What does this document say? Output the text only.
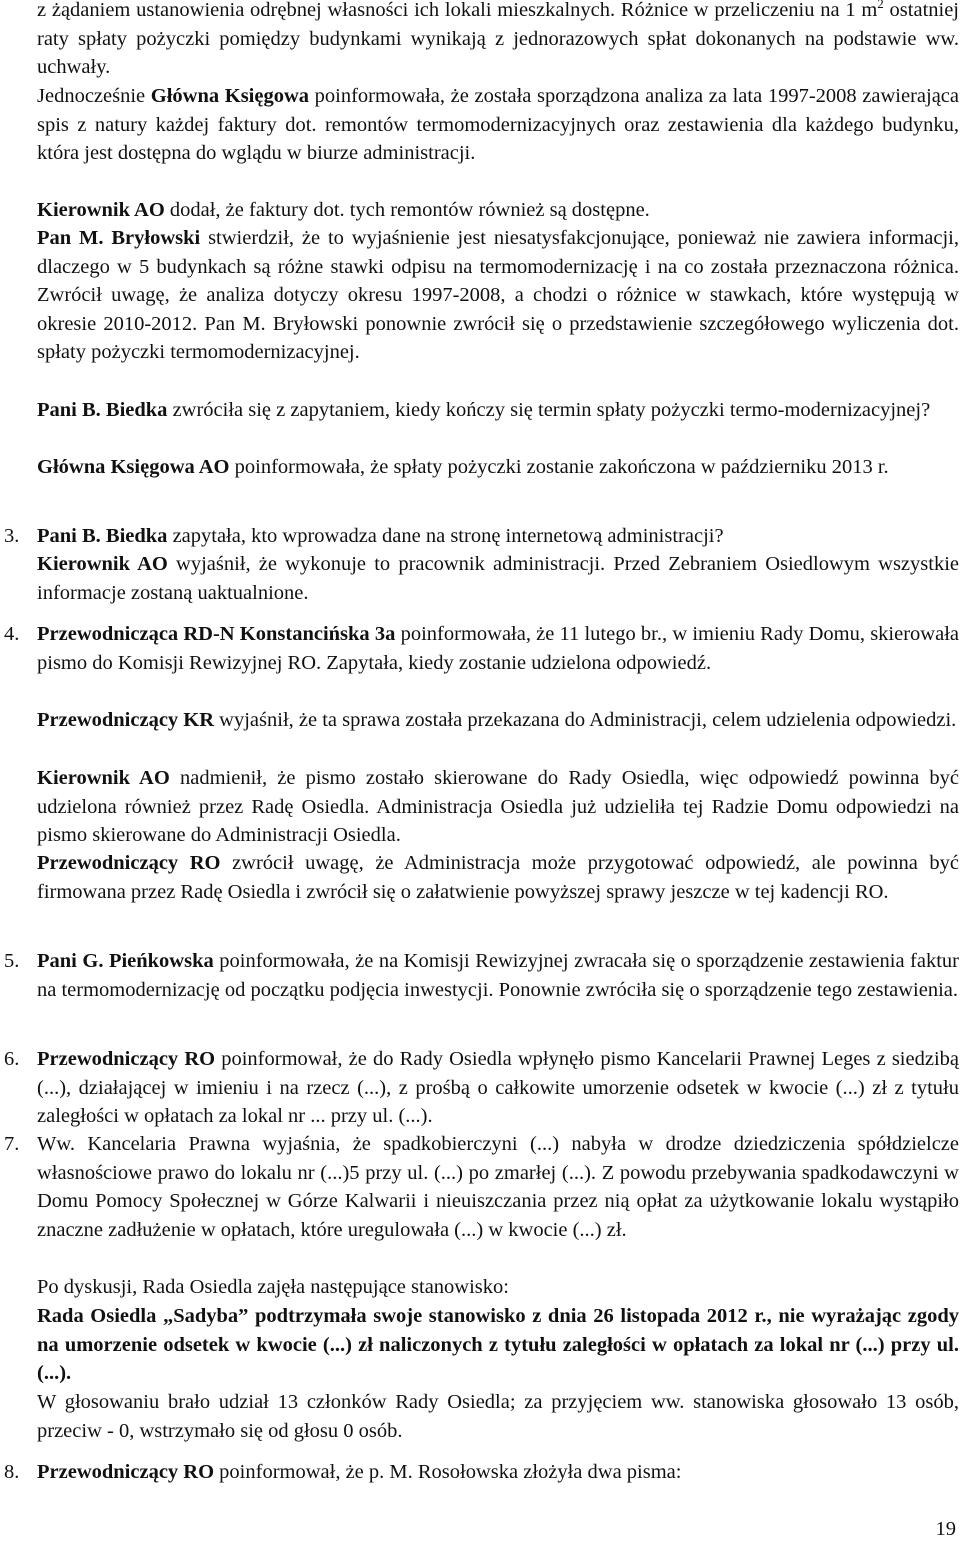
z żądaniem ustanowienia odrębnej własności ich lokali mieszkalnych. Różnice w przeliczeniu na 1 $m^2$ ostatniej raty spłaty pożyczki pomiędzy budynkami wynikają z jednorazowych spłat dokonanych na podstawie ww. uchwały.

Jednocześnie Główna Księgowa poinformowała, że została sporządzona analiza za lata 1997-2008 zawierająca spis z natury każdej faktury dot. remontów termomodernizacyjnych oraz zestawienia dla każdego budynku, która jest dostępna do wglądu w biurze administracji.

Kierownik AO dodał, że faktury dot. tych remontów również są dostępne.

Pan M. Bryłowski stwierdził, że to wyjaśnienie jest niesatysfakcjonujące, ponieważ nie zawiera informacji, dlaczego w 5 budynkach są różne stawki odpisu na termomodernizację i na co została przeznaczona różnica. Zwrócił uwagę, że analiza dotyczy okresu 1997-2008, a chodzi o różnice w stawkach, które występują w okresie 2010-2012. Pan M. Bryłowski ponownie zwrócił się o przedstawienie szczegółowego wyliczenia dot. spłaty pożyczki termomodernizacyjnej.

Pani B. Biedka zwróciła się z zapytaniem, kiedy kończy się termin spłaty pożyczki termo-modernizacyjnej?

Główna Księgowa AO poinformowała, że spłaty pożyczki zostanie zakończona w październiku 2013 r.

3. Pani B. Biedka zapytała, kto wprowadza dane na stronę internetową administracji?

Kierownik AO wyjaśnił, że wykonuje to pracownik administracji. Przed Zebraniem Osiedlowym wszystkie informacje zostaną uaktualnione.

4. Przewodnicząca RD-N Konstancińska 3a poinformowała, że 11 lutego br., w imieniu Rady Domu, skierowała pismo do Komisji Rewizyjnej RO. Zapytała, kiedy zostanie udzielona odpowiedź.

Przewodniczący KR wyjaśnił, że ta sprawa została przekazana do Administracji, celem udzielenia odpowiedzi.

Kierownik AO nadmienił, że pismo zostało skierowane do Rady Osiedla, więc odpowiedź powinna być udzielona również przez Radę Osiedla. Administracja Osiedla już udzieliła tej Radzie Domu odpowiedzi na pismo skierowane do Administracji Osiedla.

Przewodniczący RO zwrócił uwagę, że Administracja może przygotować odpowiedź, ale powinna być firmowana przez Radę Osiedla i zwrócił się o załatwienie powyższej sprawy jeszcze w tej kadencji RO.

5. Pani G. Pieńkowska poinformowała, że na Komisji Rewizyjnej zwracała się o sporządzenie zestawienia faktur na termomodernizację od początku podjęcia inwestycji. Ponownie zwróciła się o sporządzenie tego zestawienia.

6. Przewodniczący RO poinformował, że do Rady Osiedla wpłynęło pismo Kancelarii Prawnej Leges z siedzibą (...), działającej w imieniu i na rzecz (...), z prośbą o całkowite umorzenie odsetek w kwocie (...) zł z tytułu zaległości w opłatach za lokal nr ... przy ul. (...).

7. Ww. Kancelaria Prawna wyjaśnia, że spadkobierczyni (...) nabyła w drodze dziedziczenia spółdzielcze własnościowe prawo do lokalu nr (...)5 przy ul. (...) po zmarłej (...). Z powodu przebywania spadkodawczyni w Domu Pomocy Społecznej w Górze Kalwarii i nieuiszczania przez nią opłat za użytkowanie lokalu wystąpiło znaczne zadłużenie w opłatach, które uregulowała (...) w kwocie (...) zł.

Po dyskusji, Rada Osiedla zajęła następujące stanowisko:

Rada Osiedla „Sadyba” podtrzymała swoje stanowisko z dnia 26 listopada 2012 r., nie wyrażając zgody na umorzenie odsetek w kwocie (...) zł naliczonych z tytułu zaległości w opłatach za lokal nr (...) przy ul. (...).

W głosowaniu brało udział 13 członków Rady Osiedla; za przyjęciem ww. stanowiska głosowało 13 osób, przeciw - 0, wstrzymało się od głosu 0 osób.

8. Przewodniczący RO poinformował, że p. M. Rosołowska złożyła dwa pisma:

19
